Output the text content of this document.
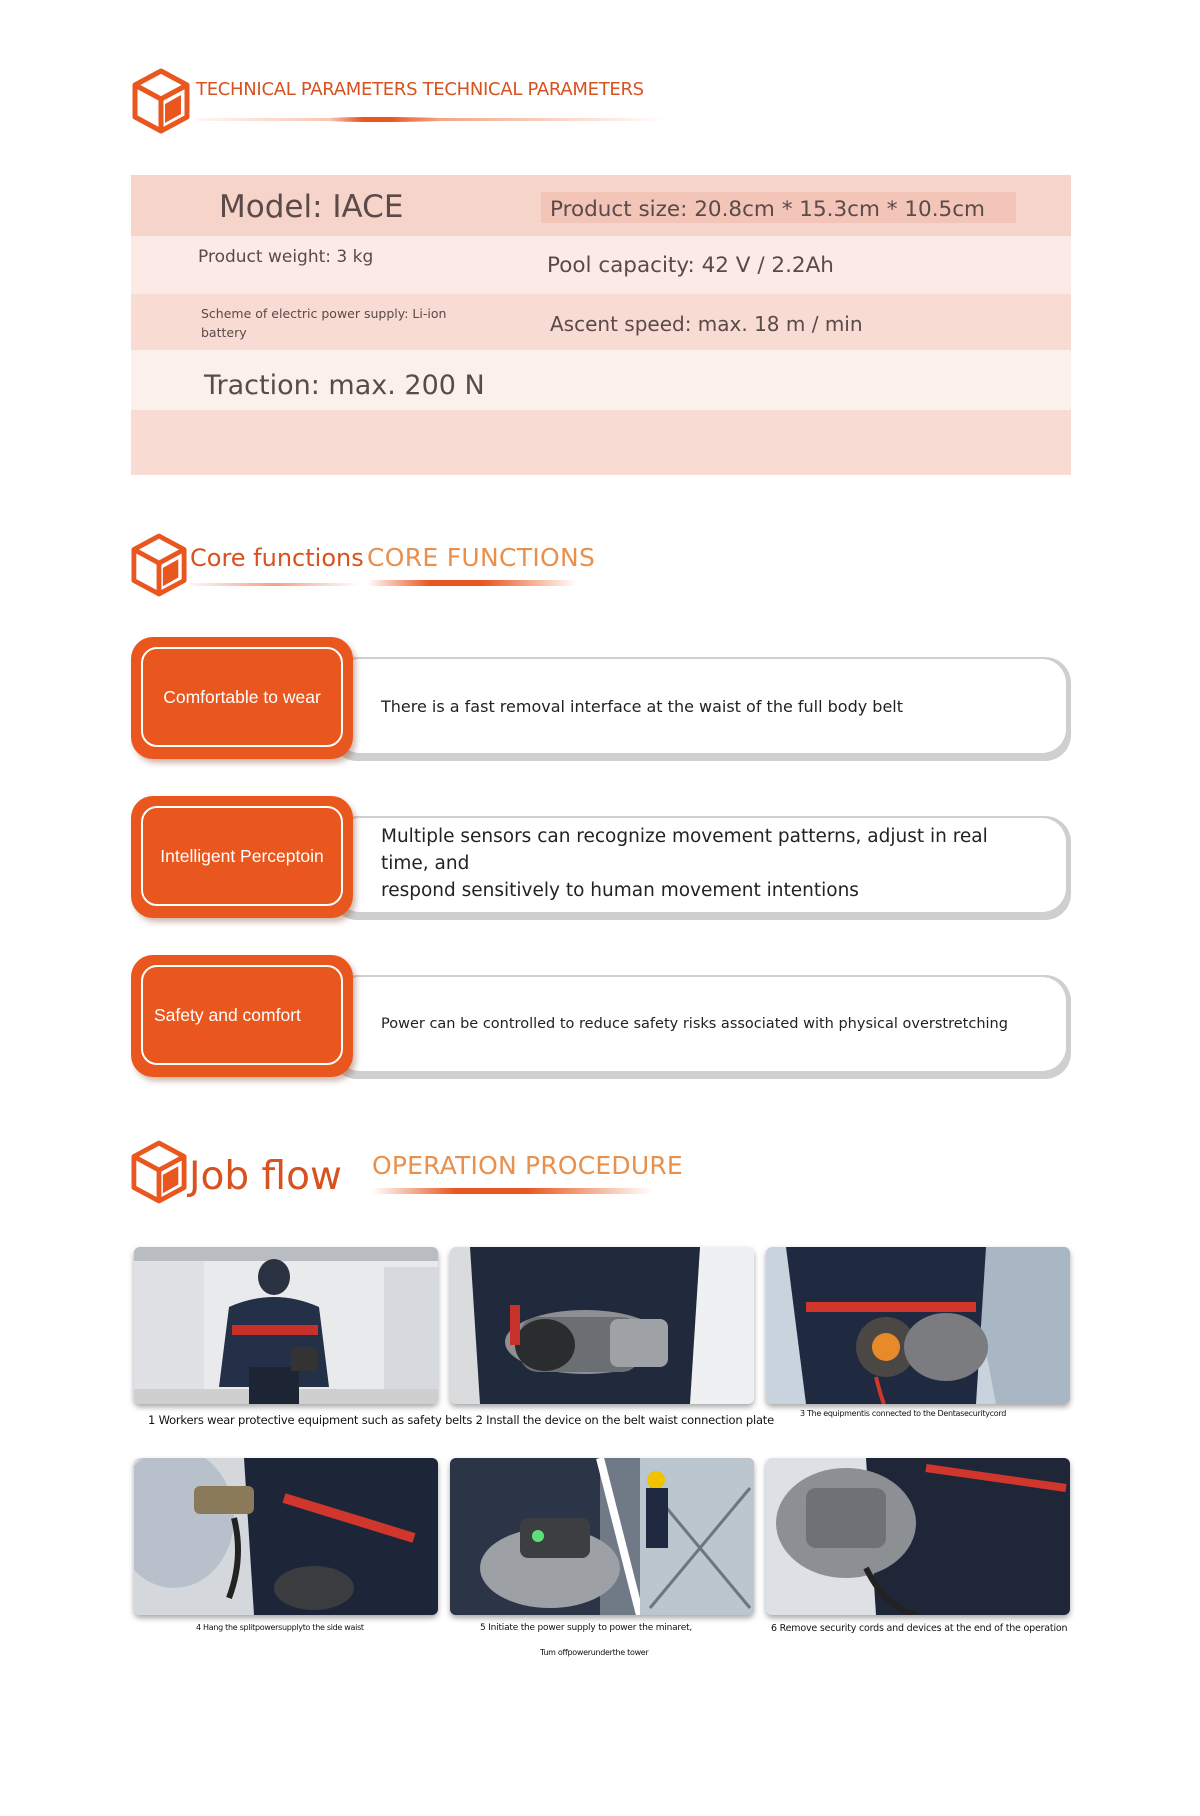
TECHNICAL PARAMETERS TECHNICAL PARAMETERS
Model: IACE	Product size: 20.8cm * 15.3cm * 10.5cm
Product weight: 3 kg	Pool capacity: 42 V / 2.2Ah
Scheme of electric power supply: Li-ion
battery	Ascent speed: max. 18 m / min
Traction: max. 200 N
Core functions CORE FUNCTIONS
There is a fast removal interface at the waist of the full body belt
Comfortable to wear
Multiple sensors can recognize movement patterns, adjust in real time, and
respond sensitively to human movement intentions
Intelligent Perceptoin
Power can be controlled to reduce safety risks associated with physical overstretching
Safety and comfort
Job flow OPERATION PROCEDURE
1 Workers wear protective equipment such as safety belts 2 Install the device on the belt waist connection plate	3 The equipmentis connected to the Dentasecuritycord
4 Hang the splitpowersupplyto the side waist	5 Initiate the power supply to power the minaret,
Tum offpowerunderthe tower
6 Remove security cords and devices at the end of the operation
